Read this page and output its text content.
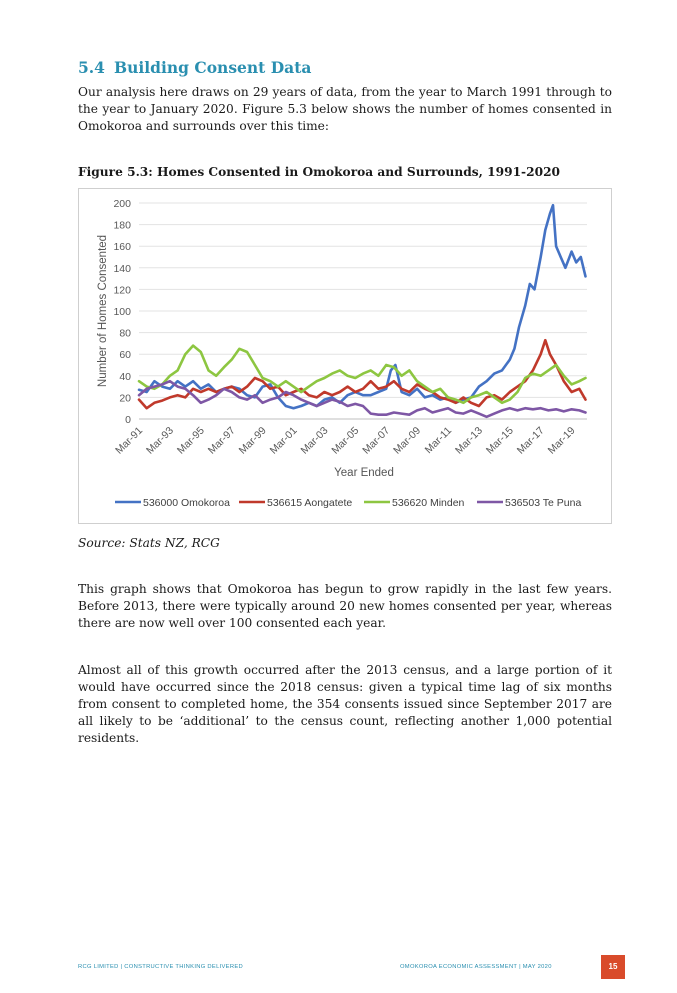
5.4 Building Consent Data

Our analysis here draws on 29 years of data, from the year to March 1991 through to the year to January 2020. Figure 5.3 below shows the number of homes consented in Omokoroa and surrounds over this time:

Figure 5.3: Homes Consented in Omokoroa and Surrounds, 1991-2020

0
20
40
60
80
100
120
140
160
180
200
Mar-91
Mar-93
Mar-95
Mar-97
Mar-99
Mar-01
Mar-03
Mar-05
Mar-07
Mar-09 Mar-11
Mar-13
Mar-15
Mar-17
Mar-19
Number of Homes Consented
Year Ended
536000 Omokoroa	536615 Aongatete	536620 Minden	536503 Te Puna

Source: Stats NZ, RCG

This graph shows that Omokoroa has begun to grow rapidly in the last few years. Before 2013, there were typically around 20 new homes consented per year, whereas there are now well over 100 consented each year.

Almost all of this growth occurred after the 2013 census, and a large portion of it would have occurred since the 2018 census: given a typical time lag of six months from consent to completed home, the 354 consents issued since September 2017 are all likely to be ‘additional’ to the census count, reflecting another 1,000 potential residents.

RCG LIMITED | CONSTRUCTIVE THINKING DELIVERED	OMOKOROA ECONOMIC ASSESSMENT | MAY 2020	15
